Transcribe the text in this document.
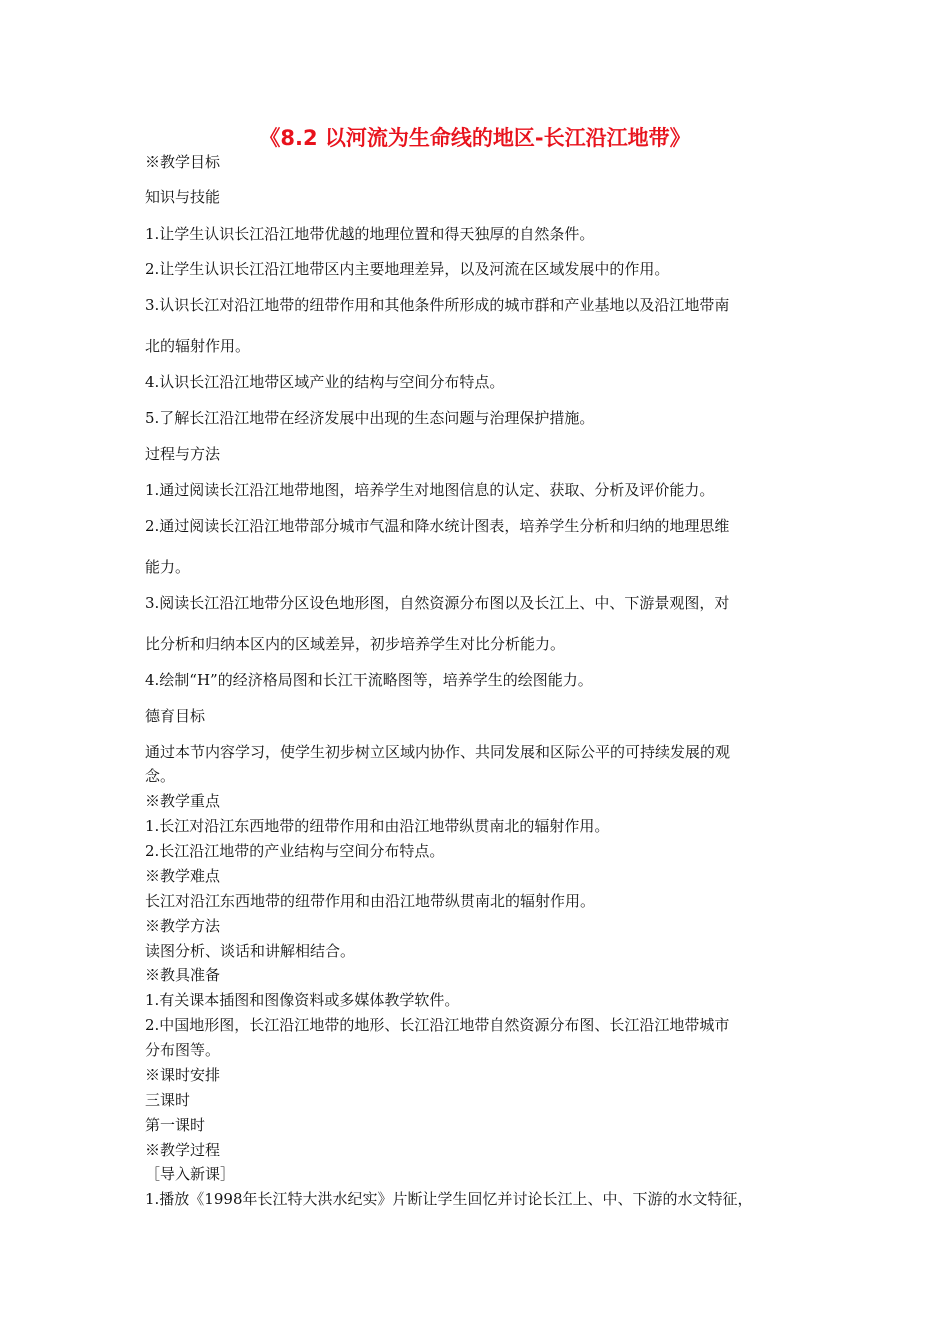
《8.2 以河流为生命线的地区-长江沿江地带》
※教学目标
知识与技能
1.让学生认识长江沿江地带优越的地理位置和得天独厚的自然条件。
2.让学生认识长江沿江地带区内主要地理差异，以及河流在区域发展中的作用。
3.认识长江对沿江地带的纽带作用和其他条件所形成的城市群和产业基地以及沿江地带南
北的辐射作用。
4.认识长江沿江地带区域产业的结构与空间分布特点。
5.了解长江沿江地带在经济发展中出现的生态问题与治理保护措施。
过程与方法
1.通过阅读长江沿江地带地图，培养学生对地图信息的认定、获取、分析及评价能力。
2.通过阅读长江沿江地带部分城市气温和降水统计图表，培养学生分析和归纳的地理思维
能力。
3.阅读长江沿江地带分区设色地形图，自然资源分布图以及长江上、中、下游景观图，对
比分析和归纳本区内的区域差异，初步培养学生对比分析能力。
4.绘制“H”的经济格局图和长江干流略图等，培养学生的绘图能力。
德育目标
通过本节内容学习，使学生初步树立区域内协作、共同发展和区际公平的可持续发展的观
念。
※教学重点
1.长江对沿江东西地带的纽带作用和由沿江地带纵贯南北的辐射作用。
2.长江沿江地带的产业结构与空间分布特点。
※教学难点
长江对沿江东西地带的纽带作用和由沿江地带纵贯南北的辐射作用。
※教学方法
读图分析、谈话和讲解相结合。
※教具准备
1.有关课本插图和图像资料或多媒体教学软件。
2.中国地形图，长江沿江地带的地形、长江沿江地带自然资源分布图、长江沿江地带城市
分布图等。
※课时安排
三课时
第一课时
※教学过程
［导入新课］
1.播放《1998年长江特大洪水纪实》片断让学生回忆并讨论长江上、中、下游的水文特征，
